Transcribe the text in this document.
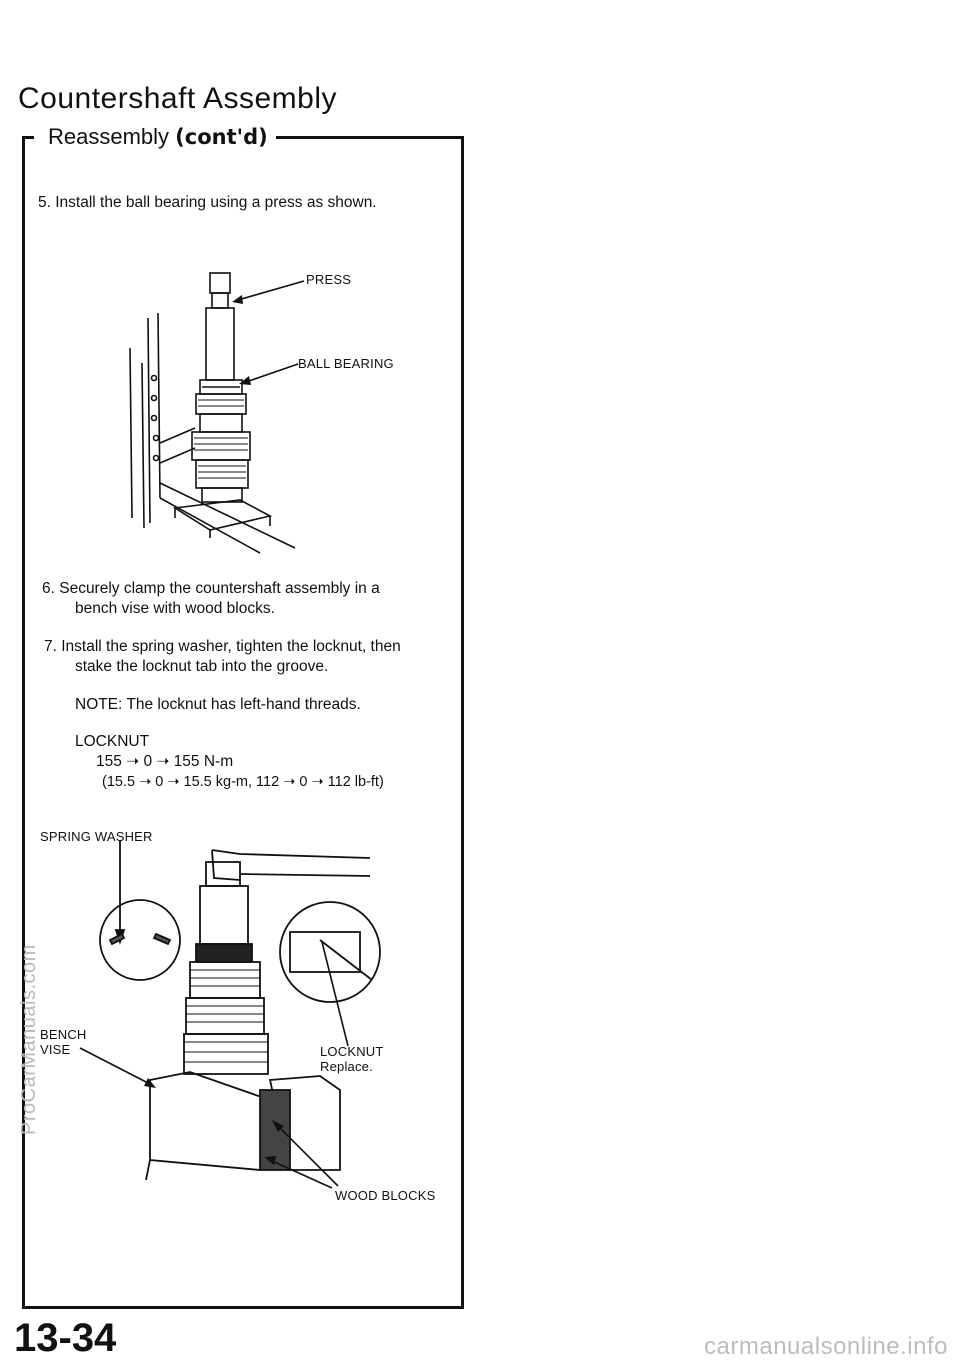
Countershaft Assembly
Reassembly (cont'd)
5. Install the ball bearing using a press as shown.
PRESS
BALL BEARING
6. Securely clamp the countershaft assembly in a
bench vise with wood blocks.
7. Install the spring washer, tighten the locknut, then
stake the locknut tab into the groove.
NOTE: The locknut has left-hand threads.
LOCKNUT
155 ➝ 0 ➝ 155 N-m
(15.5 ➝ 0 ➝ 15.5 kg-m, 112 ➝ 0 ➝ 112 lb-ft)
SPRING WASHER
BENCH
VISE	LOCKNUT
Replace.
WOOD BLOCKS
13-34
ProCarManuals.com
carmanualsonline.info
